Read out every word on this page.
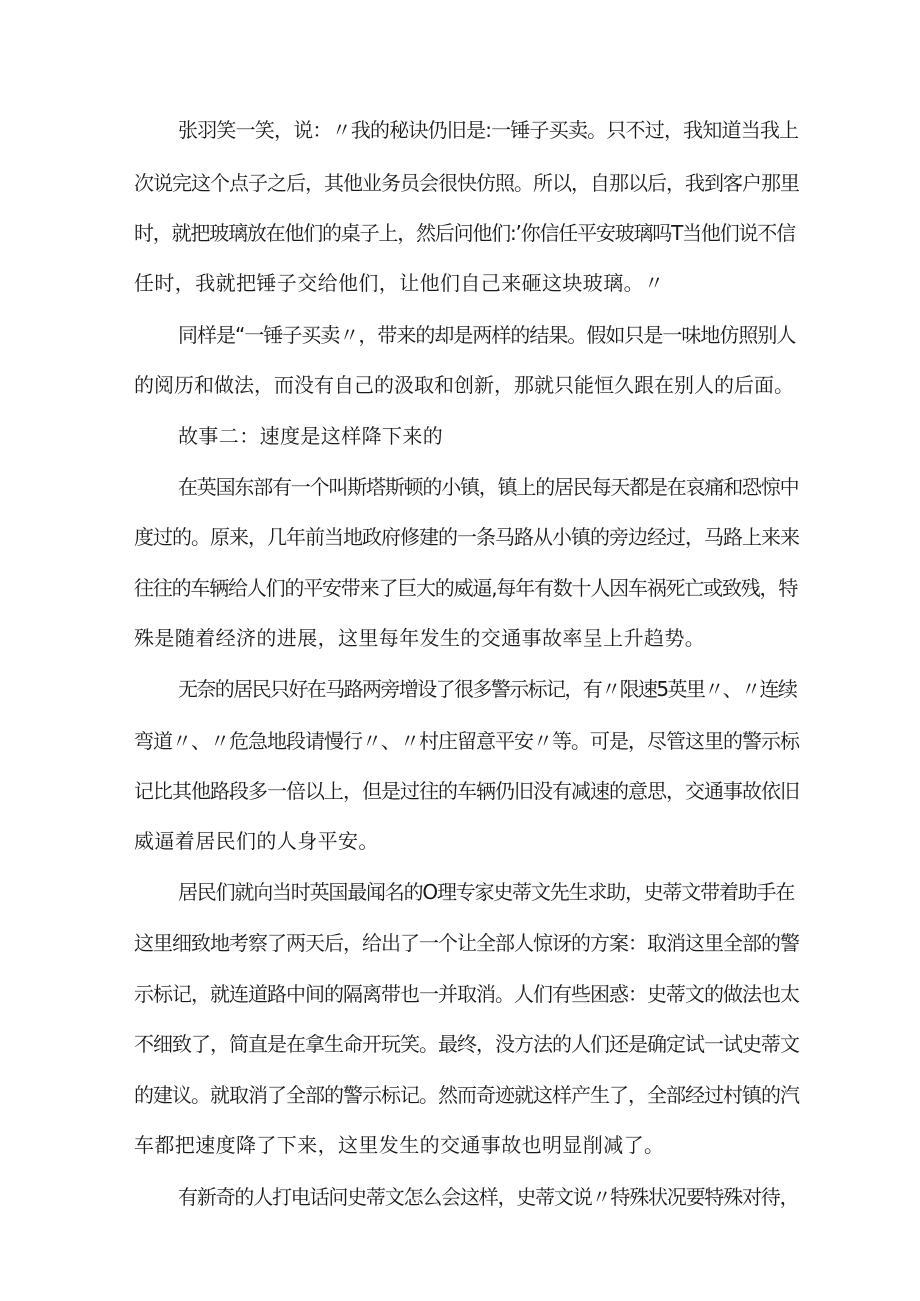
张羽笑一笑，说：〃我的秘诀仍旧是:一锤子买卖。只不过，我知道当我上
次说完这个点子之后，其他业务员会很快仿照。所以，自那以后，我到客户那里
时，就把玻璃放在他们的桌子上，然后问他们:’你信任平安玻璃吗T当他们说不信
任时，我就把锤子交给他们，让他们自己来砸这块玻璃。〃
同样是“一锤子买卖〃，带来的却是两样的结果。假如只是一味地仿照别人
的阅历和做法，而没有自己的汲取和创新，那就只能恒久跟在别人的后面。
故事二：速度是这样降下来的
在英国东部有一个叫斯塔斯顿的小镇，镇上的居民每天都是在哀痛和恐惊中
度过的。原来，几年前当地政府修建的一条马路从小镇的旁边经过，马路上来来
往往的车辆给人们的平安带来了巨大的威逼,每年有数十人因车祸死亡或致残，特
殊是随着经济的进展，这里每年发生的交通事故率呈上升趋势。
无奈的居民只好在马路两旁增设了很多警示标记，有〃限速5英里〃、〃连续
弯道〃、〃危急地段请慢行〃、〃村庄留意平安〃等。可是，尽管这里的警示标
记比其他路段多一倍以上，但是过往的车辆仍旧没有减速的意思，交通事故依旧
威逼着居民们的人身平安。
居民们就向当时英国最闻名的O理专家史蒂文先生求助，史蒂文带着助手在
这里细致地考察了两天后，给出了一个让全部人惊讶的方案：取消这里全部的警
示标记，就连道路中间的隔离带也一并取消。人们有些困惑：史蒂文的做法也太
不细致了，简直是在拿生命开玩笑。最终，没方法的人们还是确定试一试史蒂文
的建议。就取消了全部的警示标记。然而奇迹就这样产生了，全部经过村镇的汽
车都把速度降了下来，这里发生的交通事故也明显削减了。
有新奇的人打电话问史蒂文怎么会这样，史蒂文说〃特殊状况要特殊对待，
